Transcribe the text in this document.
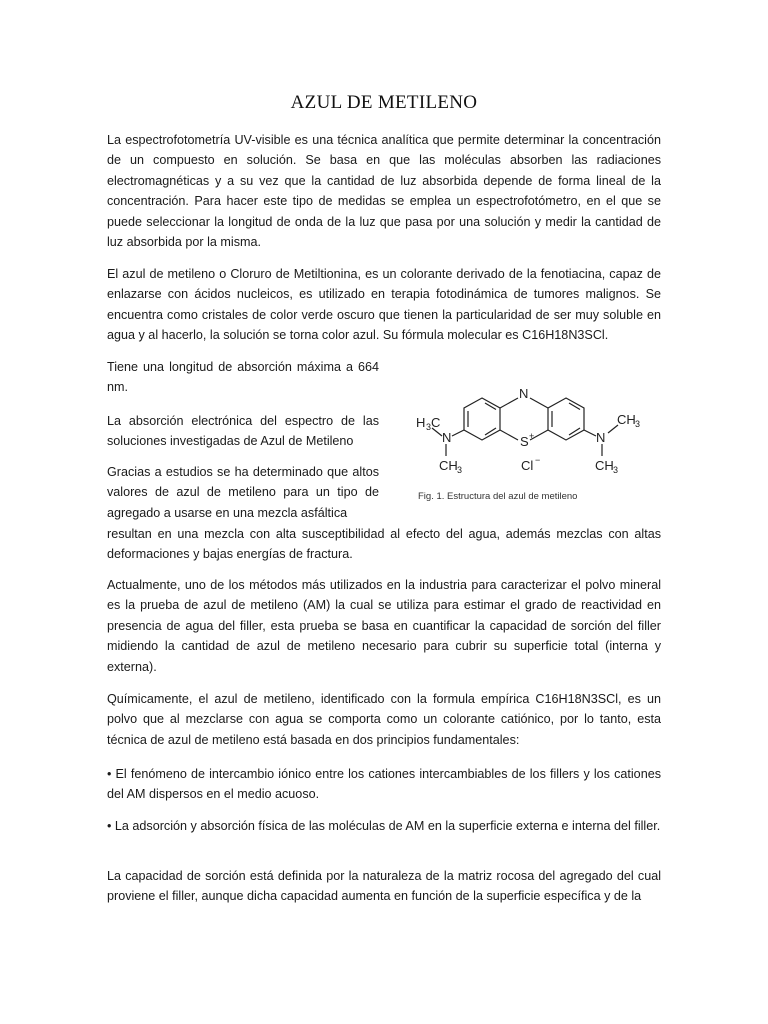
AZUL DE METILENO
La espectrofotometría UV-visible es una técnica analítica que permite determinar la concentración de un compuesto en solución. Se basa en que las moléculas absorben las radiaciones electromagnéticas y a su vez que la cantidad de luz absorbida depende de forma lineal de la concentración. Para hacer este tipo de medidas se emplea un espectrofotómetro, en el que se puede seleccionar la longitud de onda de la luz que pasa por una solución y medir la cantidad de luz absorbida por la misma.
El azul de metileno o Cloruro de Metiltionina, es un colorante derivado de la fenotiacina, capaz de enlazarse con ácidos nucleicos, es utilizado en terapia fotodinámica de tumores malignos. Se encuentra como cristales de color verde oscuro que tienen la particularidad de ser muy soluble en agua y al hacerlo, la solución se torna color azul. Su fórmula molecular es C16H18N3SCl.
Tiene una longitud de absorción máxima a 664 nm.
La absorción electrónica del espectro de las soluciones investigadas de Azul de Metileno
Gracias a estudios se ha determinado que altos valores de azul de metileno para un tipo de agregado a usarse en una mezcla asfáltica
resultan en una mezcla con alta susceptibilidad al efecto del agua, además mezclas con altas deformaciones y bajas energías de fractura.
Actualmente, uno de los métodos más utilizados en la industria para caracterizar el polvo mineral es la prueba de azul de metileno (AM) la cual se utiliza para estimar el grado de reactividad en presencia de agua del filler, esta prueba se basa en cuantificar la capacidad de sorción del filler midiendo la cantidad de azul de metileno necesario para cubrir su superficie total (interna y externa).
Químicamente, el azul de metileno, identificado con la formula empírica C16H18N3SCl, es un polvo que al mezclarse con agua se comporta como un colorante catiónico, por lo tanto, esta técnica de azul de metileno está basada en dos principios fundamentales:
• El fenómeno de intercambio iónico entre los cationes intercambiables de los fillers y los cationes del AM dispersos en el medio acuoso.
• La adsorción y absorción física de las moléculas de AM en la superficie externa e interna del filler.
La capacidad de sorción está definida por la naturaleza de la matriz rocosa del agregado del cual proviene el filler, aunque dicha capacidad aumenta en función de la superficie específica y de la
N
S +
Cl −
H 3 C
N
CH 3
N
CH 3
CH 3
Fig. 1. Estructura del azul de metileno
